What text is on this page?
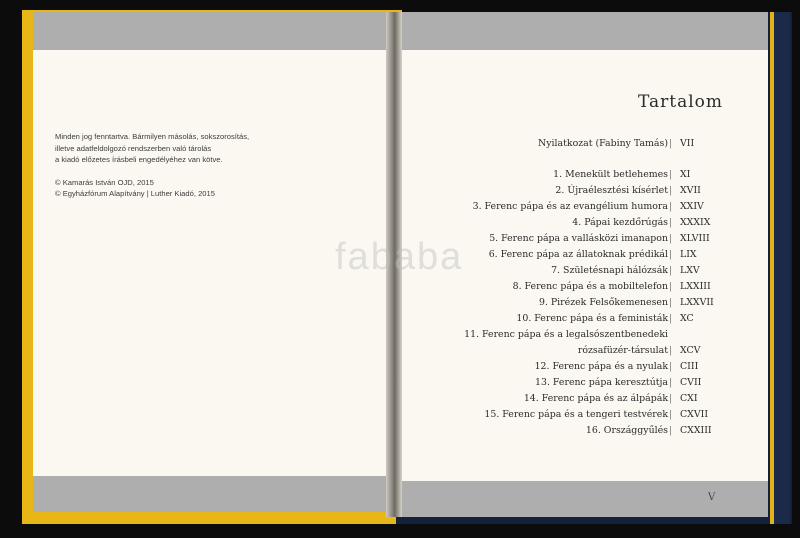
Minden jog fenntartva. Bármilyen másolás, sokszorosítás,

illetve adatfeldolgozó rendszerben való tárolás

a kiadó előzetes írásbeli engedélyéhez van kötve.

© Kamarás István OJD, 2015

© Egyházfórum Alapítvány | Luther Kiadó, 2015

Tartalom
Nyilatkozat (Fabiny Tamás) | VII
1. Menekült betlehemes | XI
2. Újraélesztési kísérlet | XVII
3. Ferenc pápa és az evangélium humora | XXIV
4. Pápai kezdőrúgás | XXXIX
5. Ferenc pápa a vallásközi imanapon | XLVIII
6. Ferenc pápa az állatoknak prédikál | LIX
7. Születésnapi hálózsák | LXV
8. Ferenc pápa és a mobiltelefon | LXXIII
9. Pirézek Felsőkemenesen | LXXVII
10. Ferenc pápa és a feministák | XC
11. Ferenc pápa és a legalsószentbenedeki
rózsafüzér-társulat | XCV
12. Ferenc pápa és a nyulak | CIII
13. Ferenc pápa keresztútja | CVII
14. Ferenc pápa és az álpápák | CXI
15. Ferenc pápa és a tengeri testvérek | CXVII
16. Országgyűlés | CXXIII
V
fababa
